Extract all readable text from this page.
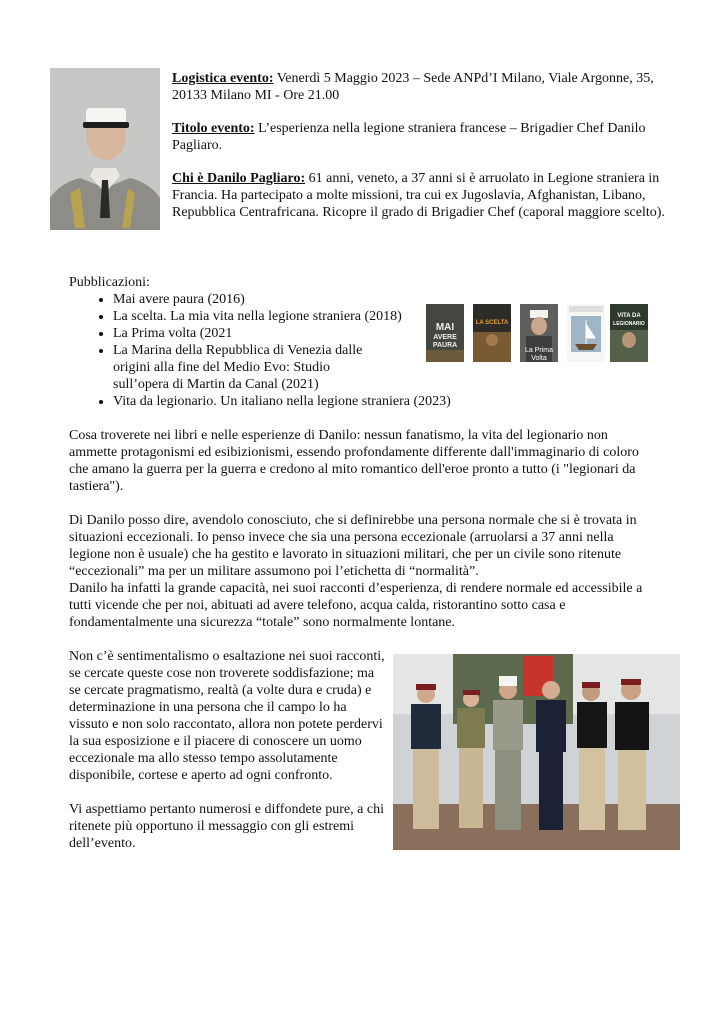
Logistica evento: Venerdì 5 Maggio 2023 – Sede ANPd’I Milano, Viale Argonne, 35, 20133 Milano MI - Ore 21.00

Titolo evento: L’esperienza nella legione straniera francese – Brigadier Chef Danilo Pagliaro.

Chi è Danilo Pagliaro: 61 anni, veneto, a 37 anni si è arruolato in Legione straniera in Francia. Ha partecipato a molte missioni, tra cui ex Jugoslavia, Afghanistan, Libano, Repubblica Centrafricana. Ricopre il grado di Brigadier Chef (caporal maggiore scelto).

Pubblicazioni:
• Mai avere paura (2016)
• La scelta. La mia vita nella legione straniera (2018)
• La Prima volta (2021
• La Marina della Repubblica di Venezia dalle origini alla fine del Medio Evo: Studio sull’opera di Martin da Canal (2021)
• Vita da legionario. Un italiano nella legione straniera (2023)
MAI
AVERE
PAURA
LA SCELTA
La Prima
Volta
VITA DA
LEGIONARIO

Cosa troverete nei libri e nelle esperienze di Danilo: nessun fanatismo, la vita del legionario non ammette protagonismi ed esibizionismi, essendo profondamente differente dall'immaginario di coloro che amano la guerra per la guerra e credono al mito romantico dell'eroe pronto a tutto (i "legionari da tastiera").

Di Danilo posso dire, avendolo conosciuto, che si definirebbe una persona normale che si è trovata in situazioni eccezionali. Io penso invece che sia una persona eccezionale (arruolarsi a 37 anni nella legione non è usuale) che ha gestito e lavorato in situazioni militari, che per un civile sono ritenute “eccezionali” ma per un militare assumono poi l’etichetta di “normalità”.

Danilo ha infatti la grande capacità, nei suoi racconti d’esperienza, di rendere normale ed accessibile a tutti vicende che per noi, abituati ad avere telefono, acqua calda, ristorantino sotto casa e fondamentalmente una sicurezza “totale” sono normalmente lontane.

Non c’è sentimentalismo o esaltazione nei suoi racconti, se cercate queste cose non troverete soddisfazione; ma se cercate pragmatismo, realtà (a volte dura e cruda) e determinazione in una persona che il campo lo ha vissuto e non solo raccontato, allora non potete perdervi la sua esposizione e il piacere di conoscere un uomo eccezionale ma allo stesso tempo assolutamente disponibile, cortese e aperto ad ogni confronto.

Vi aspettiamo pertanto numerosi e diffondete pure, a chi ritenete più opportuno il messaggio con gli estremi dell’evento.
